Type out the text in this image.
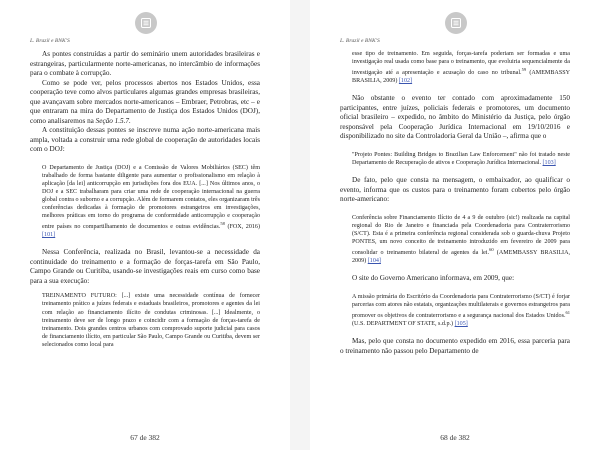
L. Brazil e BNK'S

As pontes construídas a partir do seminário unem autoridades brasileiras e estrangeiras, particularmente norte-americanas, no intercâmbio de informações para o combate à corrupção.

Como se pode ver, pelos processos abertos nos Estados Unidos, essa cooperação teve como alvos particulares algumas grandes empresas brasileiras, que avançavam sobre mercados norte-americanos – Embraer, Petrobras, etc – e que entraram na mira do Departamento de Justiça dos Estados Unidos (DOJ), como analisaremos na Seção 1.5.7.

A constituição dessas pontes se inscreve numa ação norte-americana mais ampla, voltada a construir uma rede global de cooperação de autoridades locais com o DOJ:

O Departamento de Justiça (DOJ) e a Comissão de Valores Mobiliários (SEC) têm trabalhado de forma bastante diligente para aumentar o profissionalismo em relação à aplicação [da lei] anticorrupção em jurisdições fora dos EUA. [...] Nos últimos anos, o DOJ e a SEC trabalharam para criar uma rede de cooperação internacional na guerra global contra o suborno e a corrupção. Além de formarem contatos, eles organizaram três conferências dedicadas à formação de promotores estrangeiros em investigações, melhores práticas em torno do programa de conformidade anticorrupção e cooperação entre países no compartilhamento de documentos e outras evidências.$^{58}$ (FOX, 2016) [101]

Nessa Conferência, realizada no Brasil, levantou-se a necessidade da continuidade do treinamento e a formação de forças-tarefa em São Paulo, Campo Grande ou Curitiba, usando-se investigações reais em curso como base para a sua execução:

TREINAMENTO FUTURO: [...] existe uma necessidade contínua de fornecer treinamento prático a juízes federais e estaduais brasileiros, promotores e agentes da lei com relação ao financiamento ilícito de condutas criminosas. [...] Idealmente, o treinamento deve ser de longo prazo e coincidir com a formação de forças-tarefa de treinamento. Dois grandes centros urbanos com comprovado suporte judicial para casos de financiamento ilícito, em particular São Paulo, Campo Grande ou Curitiba, devem ser selecionados como local para

67 de 382
L. Brazil e BNK'S

esse tipo de treinamento. Em seguida, forças-tarefa poderiam ser formadas e uma investigação real usada como base para o treinamento, que evoluiria sequencialmente da investigação até a apresentação e acusação do caso no tribunal.$^{59}$ (AMEMBASSY BRASILIA, 2009) [102]

Não obstante o evento ter contado com aproximadamente 150 participantes, entre juízes, policiais federais e promotores, um documento oficial brasileiro – expedido, no âmbito do Ministério da Justiça, pelo órgão responsável pela Cooperação Jurídica Internacional em 19/10/2016 e disponibilizado no site da Controladoria Geral da União –, afirma que o

"Projeto Pontes: Building Bridges to Brazilian Law Enforcement" não foi tratado neste Departamento de Recuperação de ativos e Cooperação Jurídica Internacional. [103]

De fato, pelo que consta na mensagem, o embaixador, ao qualificar o evento, informa que os custos para o treinamento foram cobertos pelo órgão norte-americano:

Conferência sobre Financiamento Ilícito de 4 a 9 de outubro (sic!) realizada na capital regional do Rio de Janeiro e financiada pela Coordenadoria para Contraterrorismo (S/CT). Esta é a primeira conferência regional considerada sob o guarda-chuva Projeto PONTES, um novo conceito de treinamento introduzido em fevereiro de 2009 para consolidar o treinamento bilateral de agentes da lei.$^{60}$ (AMEMBASSY BRASILIA, 2009) [104]

O site do Governo Americano informava, em 2009, que:

A missão primária do Escritório da Coordenadoria para Contraterrorismo (S/CT) é forjar parcerias com atores não estatais, organizações multilaterais e governos estrangeiros para promover os objetivos de contraterrorismo e a segurança nacional dos Estados Unidos.$^{61}$ (U.S. DEPARTMENT OF STATE, s.d.p.) [105]

Mas, pelo que consta no documento expedido em 2016, essa parceria para o treinamento não passou pelo Departamento de

68 de 382
